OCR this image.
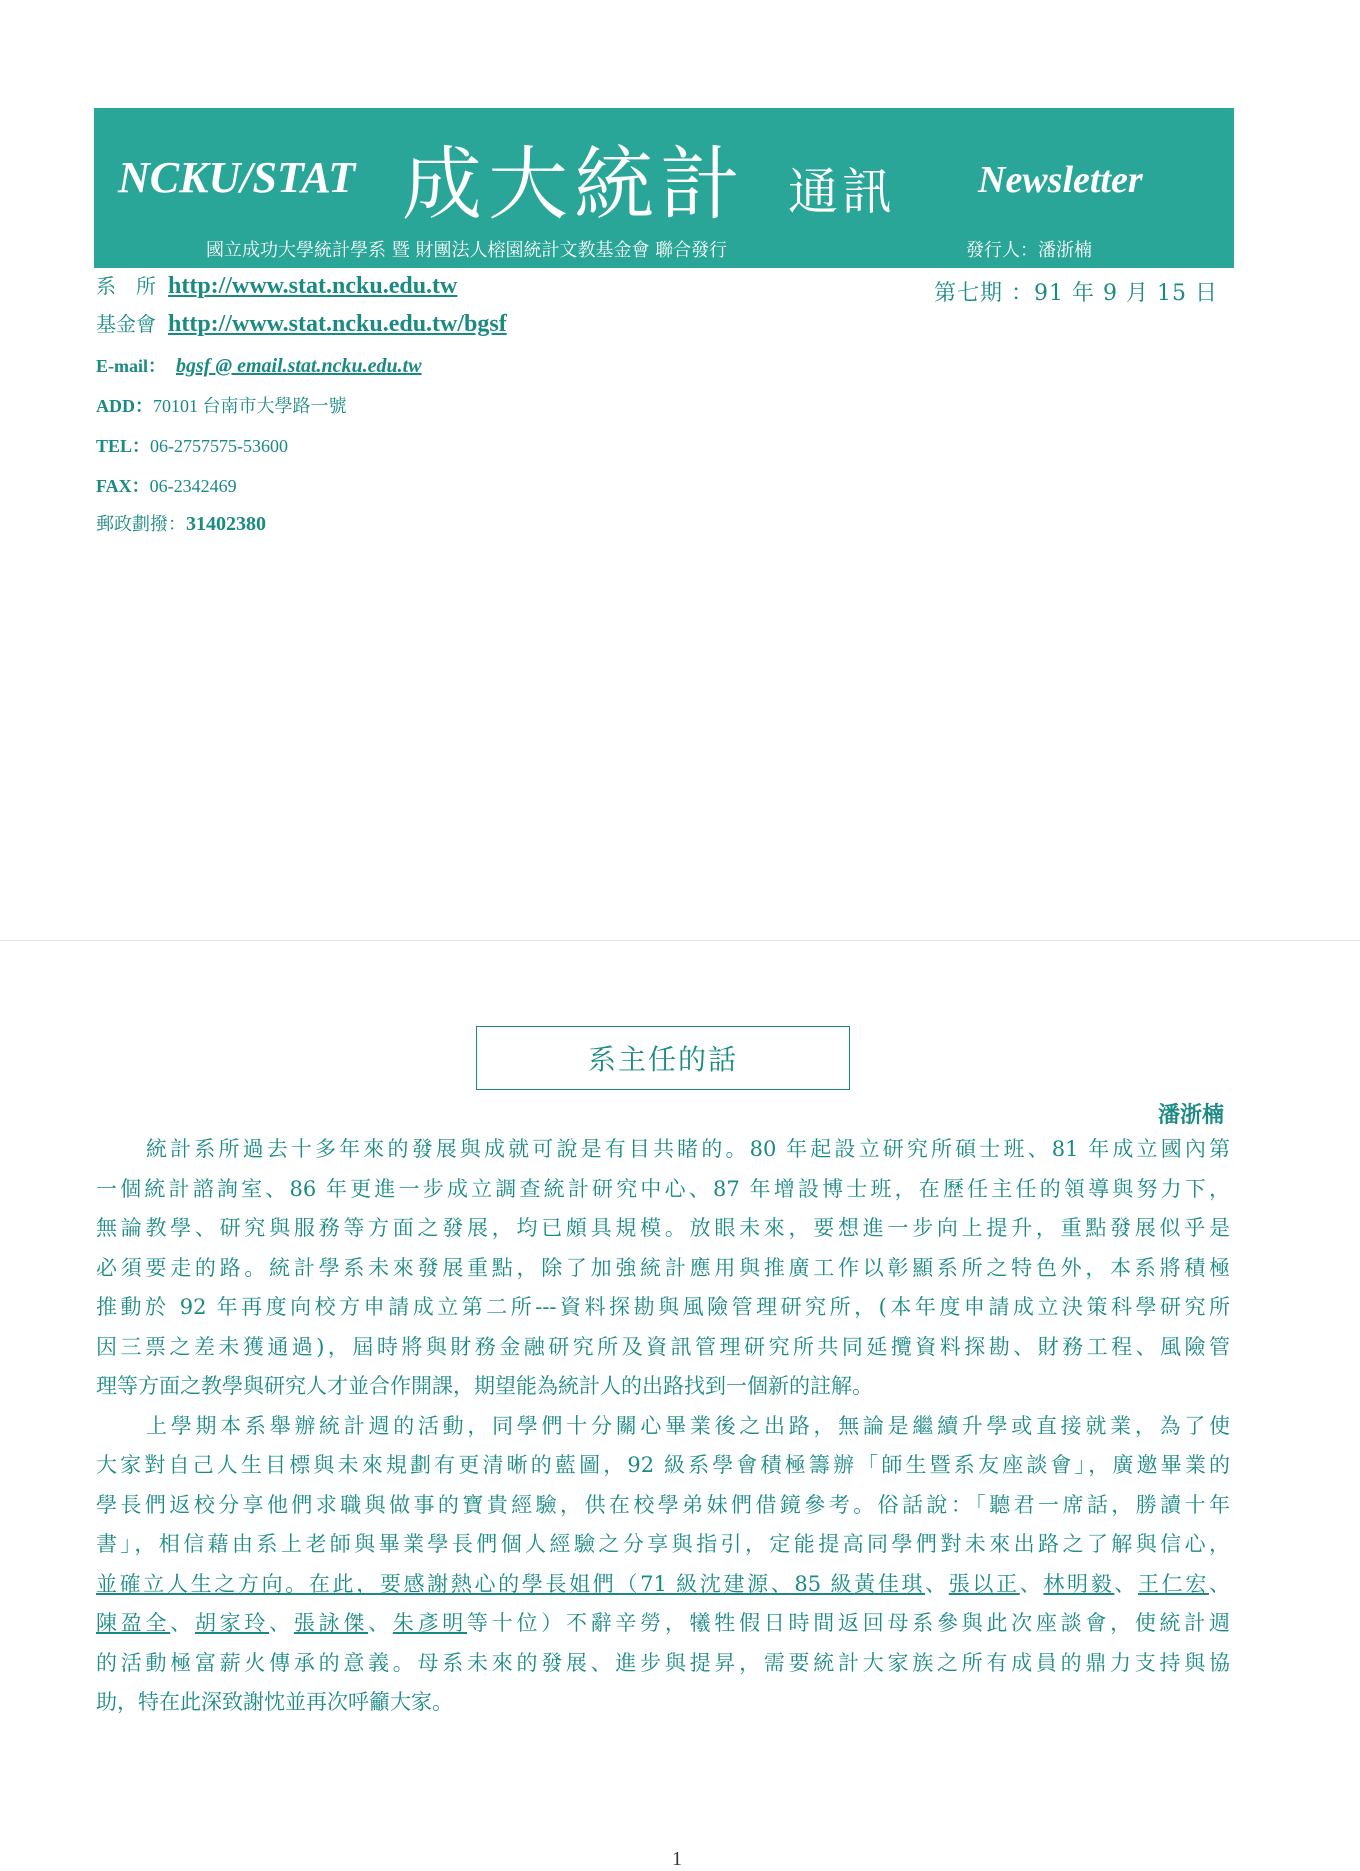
NCKU/STAT 成大統計 通訊 Newsletter
國立成功大學統計學系 暨 財團法人榕園統計文教基金會 聯合發行	發行人：潘浙楠
系　所 http://www.stat.ncku.edu.tw	第七期 ：91 年 9 月 15 日
基金會 http://www.stat.ncku.edu.tw/bgsf
E-mail： bgsf @ email.stat.ncku.edu.tw
ADD：70101 台南市大學路一號
TEL：06-2757575-53600
FAX：06-2342469
郵政劃撥：31402380
系主任的話
潘浙楠
統計系所過去十多年來的發展與成就可說是有目共睹的。80 年起設立研究所碩士班、81 年成立國內第
一個統計諮詢室、86 年更進一步成立調查統計研究中心、87 年增設博士班，在歷任主任的領導與努力下，
無論教學、研究與服務等方面之發展，均已頗具規模。放眼未來，要想進一步向上提升，重點發展似乎是
必須要走的路。統計學系未來發展重點，除了加強統計應用與推廣工作以彰顯系所之特色外，本系將積極
推動於 92 年再度向校方申請成立第二所---資料探勘與風險管理研究所，(本年度申請成立決策科學研究所
因三票之差未獲通過)，屆時將與財務金融研究所及資訊管理研究所共同延攬資料探勘、財務工程、風險管
理等方面之教學與研究人才並合作開課，期望能為統計人的出路找到一個新的註解。
上學期本系舉辦統計週的活動，同學們十分關心畢業後之出路，無論是繼續升學或直接就業，為了使
大家對自己人生目標與未來規劃有更清晰的藍圖，92 級系學會積極籌辦「師生暨系友座談會」，廣邀畢業的
學長們返校分享他們求職與做事的寶貴經驗，供在校學弟妹們借鏡參考。俗話說：「聽君一席話，勝讀十年
書」，相信藉由系上老師與畢業學長們個人經驗之分享與指引，定能提高同學們對未來出路之了解與信心，
並確立人生之方向。在此，要感謝熱心的學長姐們（71 級沈建源、85 級黃佳琪、張以正、林明毅、王仁宏、
陳盈全、胡家玲、張詠傑、朱彥明等十位）不辭辛勞，犧牲假日時間返回母系參與此次座談會，使統計週
的活動極富薪火傳承的意義。母系未來的發展、進步與提昇，需要統計大家族之所有成員的鼎力支持與協
助，特在此深致謝忱並再次呼籲大家。
1
